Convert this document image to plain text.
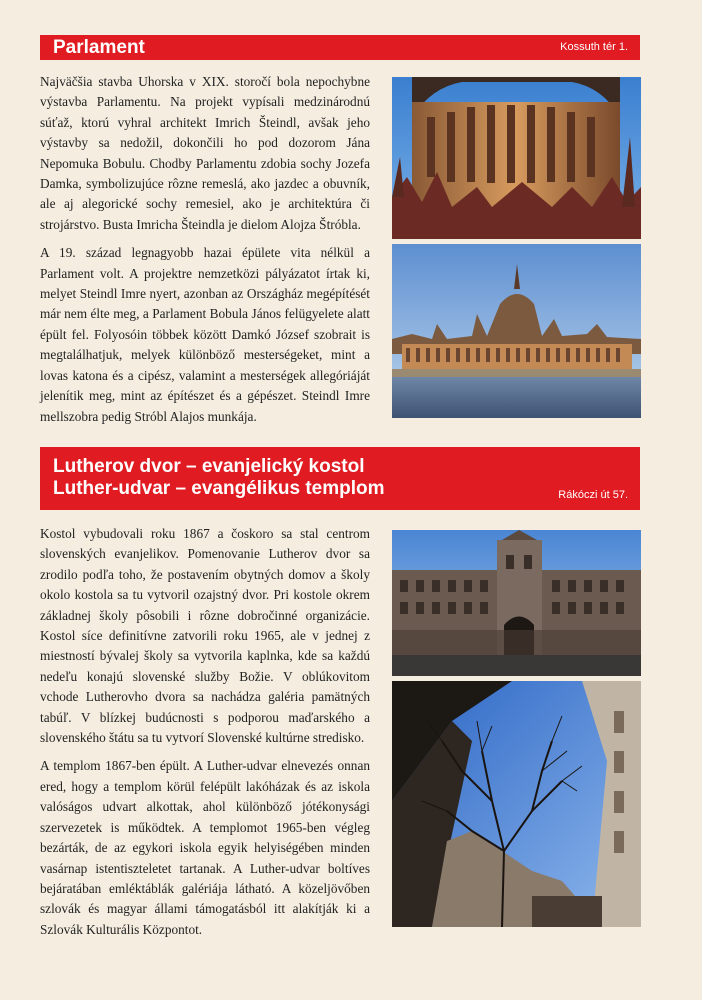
Parlament	Kossuth tér 1.

Najväčšia stavba Uhorska v XIX. storočí bola nepochybne výstavba Parlamentu. Na projekt vypísali medzinárodnú súťaž, ktorú vyhral architekt Imrich Šteindl, avšak jeho výstavby sa nedožil, dokončili ho pod dozorom Jána Nepomuka Bobulu. Chodby Parlamentu zdobia sochy Jozefa Damka, symbolizujúce rôzne remeslá, ako jazdec a obuvník, ale aj alegorické sochy remesiel, ako je architektúra či strojárstvo. Busta Imricha Šteindla je dielom Alojza Štróbla.

A 19. század legnagyobb hazai épülete vita nélkül a Parlament volt. A projektre nemzetközi pályázatot írtak ki, melyet Steindl Imre nyert, azonban az Országház megépítését már nem élte meg, a Parlament Bobula János felügyelete alatt épült fel. Folyosóin többek között Damkó József szobrait is megtalálhatjuk, melyek különböző mesterségeket, mint a lovas katona és a cipész, valamint a mesterségek allegóriáját jelenítik meg, mint az építészet és a gépészet. Steindl Imre mellszobra pedig Stróbl Alajos munkája.

Lutherov dvor – evanjelický kostol
Luther-udvar – evangélikus templom	Rákóczi út 57.

Kostol vybudovali roku 1867 a čoskoro sa stal centrom slovenských evanjelikov. Pomenovanie Lutherov dvor sa zrodilo podľa toho, že postavením obytných domov a školy okolo kostola sa tu vytvoril ozajstný dvor. Pri kostole okrem základnej školy pôsobili i rôzne dobročinné organizácie. Kostol síce definitívne zatvorili roku 1965, ale v jednej z miestností bývalej školy sa vytvorila kaplnka, kde sa každú nedeľu konajú slovenské služby Božie. V oblúkovitom vchode Lutherovho dvora sa nachádza galéria pamätných tabúľ. V blízkej budúcnosti s podporou maďarského a slovenského štátu sa tu vytvorí Slovenské kultúrne stredisko.

A templom 1867-ben épült. A Luther-udvar elnevezés onnan ered, hogy a templom körül felépült lakóházak és az iskola valóságos udvart alkottak, ahol különböző jótékonysági szervezetek is működtek. A templomot 1965-ben végleg bezárták, de az egykori iskola egyik helyiségében minden vasárnap istentiszteletet tartanak. A Luther-udvar boltíves bejáratában emléktáblák galériája látható. A közeljövőben szlovák és magyar állami támogatásból itt alakítják ki a Szlovák Kulturális Központot.
